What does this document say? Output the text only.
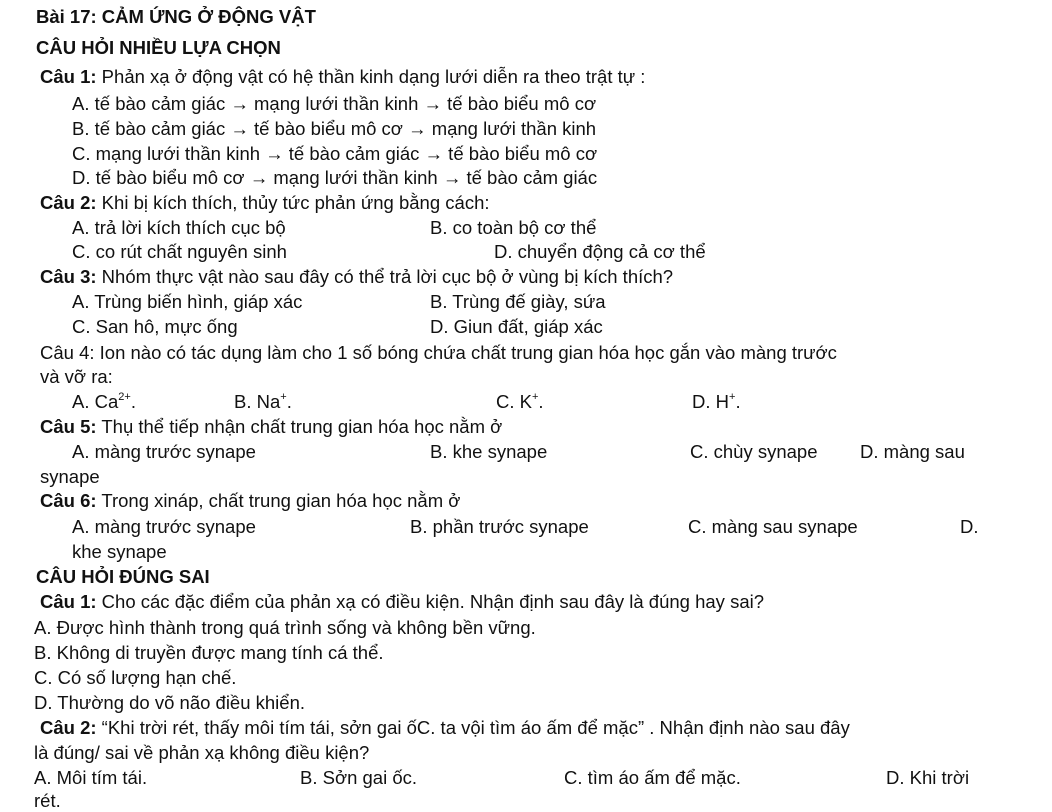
Bài 17: CẢM ỨNG Ở ĐỘNG VẬT
CÂU HỎI NHIỀU LỰA CHỌN
Câu 1: Phản xạ ở động vật có hệ thần kinh dạng lưới diễn ra theo trật tự :
A. tế bào cảm giác → mạng lưới thần kinh → tế bào biểu mô cơ
B. tế bào cảm giác → tế bào biểu mô cơ → mạng lưới thần kinh
C. mạng lưới thần kinh → tế bào cảm giác → tế bào biểu mô cơ
D. tế bào biểu mô cơ → mạng lưới thần kinh → tế bào cảm giác
Câu 2: Khi bị kích thích, thủy tức phản ứng bằng cách:
A. trả lời kích thích cục bộ	B. co toàn bộ cơ thể
C. co rút chất nguyên sinh	D. chuyển động cả cơ thể
Câu 3: Nhóm thực vật nào sau đây có thể trả lời cục bộ ở vùng bị kích thích?
A. Trùng biến hình, giáp xác	B. Trùng đế giày, sứa
C. San hô, mực ống	D. Giun đất, giáp xác
Câu 4: Ion nào có tác dụng làm cho 1 số bóng chứa chất trung gian hóa học gắn vào màng trước
và vỡ ra:
A. $Ca^{2+}$.	B. Na+.	C. K+.	D. H+.
Câu 5: Thụ thể tiếp nhận chất trung gian hóa học nằm ở
A. màng trước synape	B. khe synape	C. chùy synape D. màng sau
synape
Câu 6: Trong xináp, chất trung gian hóa học nằm ở
A. màng trước synape	B. phần trước synape	C. màng sau synape	D.
khe synape
CÂU HỎI ĐÚNG SAI
Câu 1: Cho các đặc điểm của phản xạ có điều kiện. Nhận định sau đây là đúng hay sai?
A. Được hình thành trong quá trình sống và không bền vững.
B. Không di truyền được mang tính cá thể.
C. Có số lượng hạn chế.
D. Thường do võ não điều khiển.
Câu 2: “Khi trời rét, thấy môi tím tái, sởn gai ốC. ta vội tìm áo ấm để mặc” . Nhận định nào sau đây
là đúng/ sai về phản xạ không điều kiện?
A. Môi tím tái.	B. Sởn gai ốc.	C. tìm áo ấm để mặc.	D. Khi trời
rét.
